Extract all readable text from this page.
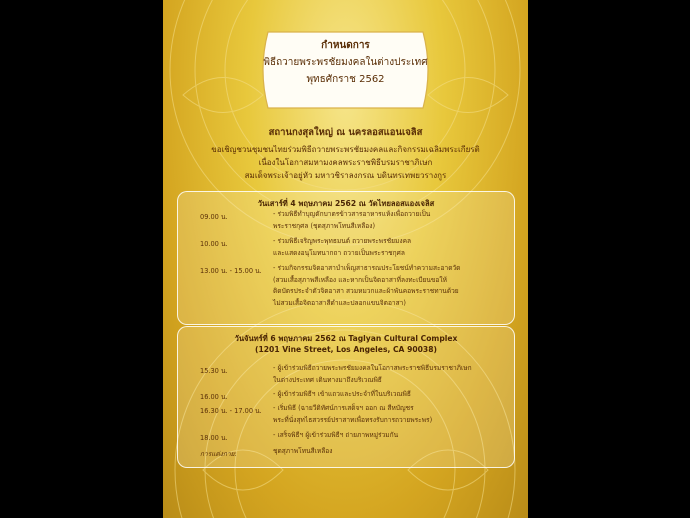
กำหนดการ
พิธีถวายพระพรชัยมงคลในต่างประเทศ
พุทธศักราช 2562
สถานกงสุลใหญ่ ณ นครลอสแอนเจลิส
ขอเชิญชวนชุมชนไทยร่วมพิธีถวายพระพรชัยมงคลและกิจกรรมเฉลิมพระเกียรติ
เนื่องในโอกาสมหามงคลพระราชพิธีบรมราชาภิเษก
สมเด็จพระเจ้าอยู่หัว มหาวชิราลงกรณ บดินทรเทพยวรางกูร
วันเสาร์ที่ 4 พฤษภาคม 2562 ณ วัดไทยลอสแองเจลิส
09.00 น.	- ร่วมพิธีทำบุญตักบาตรข้าวสารอาหารแห้งเพื่อถวายเป็น
พระราชกุศล (ชุดสุภาพโทนสีเหลือง)
10.00 น.	- ร่วมพิธีเจริญพระพุทธมนต์ ถวายพระพรชัยมงคล
และแสดงอนุโมทนากถา ถวายเป็นพระราชกุศล
13.00 น. - 15.00 น. - ร่วมกิจกรรมจิตอาสาบำเพ็ญสาธารณประโยชน์ทำความสะอาดวัด
(สวมเสื้อสุภาพสีเหลือง และหากเป็นจิตอาสาที่ลงทะเบียนขอให้
ติดบัตรประจำตัวจิตอาสา สวมหมวกและผ้าพันคอพระราชทานด้วย
ไม่สวมเสื้อจิตอาสาสีดำและปลอกแขนจิตอาสา)
วันจันทร์ที่ 6 พฤษภาคม 2562 ณ Taglyan Cultural Complex
(1201 Vine Street, Los Angeles, CA 90038)
15.30 น.	- ผู้เข้าร่วมพิธีถวายพระพรชัยมงคลในโอกาสพระราชพิธีบรมราชาภิเษก
ในต่างประเทศ เดินทางมาถึงบริเวณพิธี
16.00 น.	- ผู้เข้าร่วมพิธีฯ เข้าแถวและประจำที่ในบริเวณพิธี
16.30 น. - 17.00 น. - เริ่มพิธี (ฉายวีดิทัศน์การเสด็จฯ ออก ณ สีหบัญชร
พระที่นั่งสุทไธสวรรย์ปราสาทเพื่อทรงรับการถวายพระพร)
18.00 น.	- เสร็จพิธีฯ ผู้เข้าร่วมพิธีฯ ถ่ายภาพหมู่ร่วมกัน
การแต่งกาย:	ชุดสุภาพโทนสีเหลือง
